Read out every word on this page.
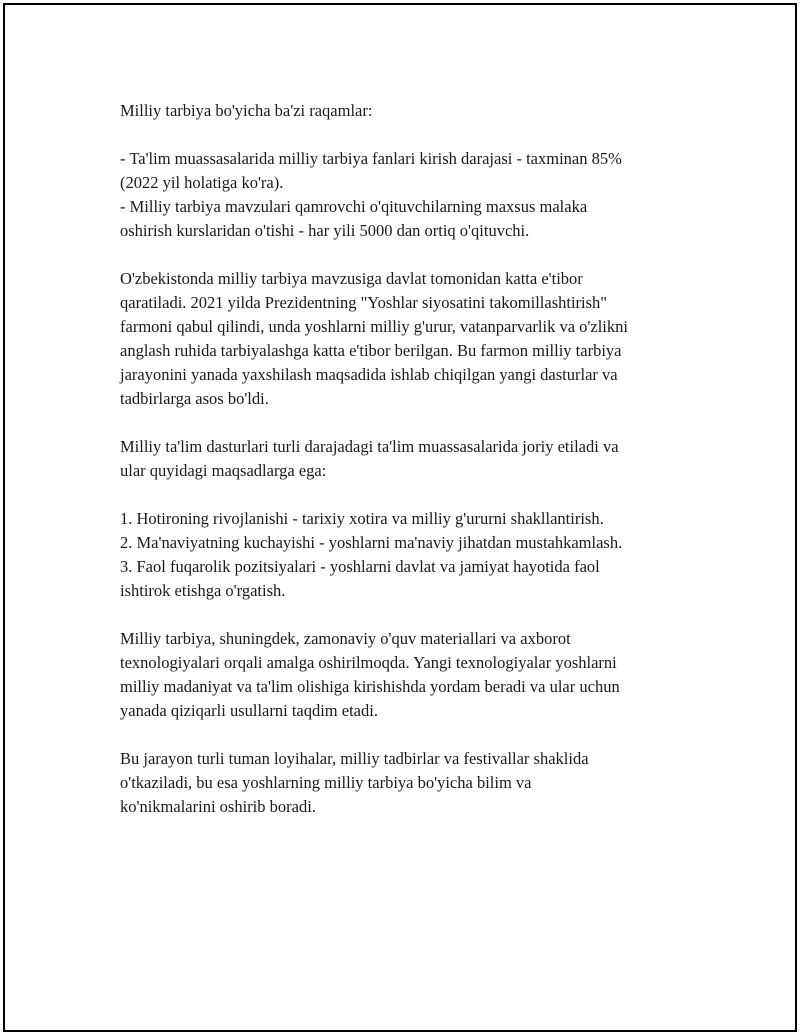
Milliy tarbiya bo'yicha ba'zi raqamlar:

- Ta'lim muassasalarida milliy tarbiya fanlari kirish darajasi - taxminan 85%
(2022 yil holatiga ko'ra).
- Milliy tarbiya mavzulari qamrovchi o'qituvchilarning maxsus malaka
oshirish kurslaridan o'tishi - har yili 5000 dan ortiq o'qituvchi.

O'zbekistonda milliy tarbiya mavzusiga davlat tomonidan katta e'tibor
qaratiladi. 2021 yilda Prezidentning "Yoshlar siyosatini takomillashtirish"
farmoni qabul qilindi, unda yoshlarni milliy g'urur, vatanparvarlik va o'zlikni
anglash ruhida tarbiyalashga katta e'tibor berilgan. Bu farmon milliy tarbiya
jarayonini yanada yaxshilash maqsadida ishlab chiqilgan yangi dasturlar va
tadbirlarga asos bo'ldi.

Milliy ta'lim dasturlari turli darajadagi ta'lim muassasalarida joriy etiladi va
ular quyidagi maqsadlarga ega:

1. Hotironing rivojlanishi - tarixiy xotira va milliy g'ururni shakllantirish.
2. Ma'naviyatning kuchayishi - yoshlarni ma'naviy jihatdan mustahkamlash.
3. Faol fuqarolik pozitsiyalari - yoshlarni davlat va jamiyat hayotida faol
ishtirok etishga o'rgatish.

Milliy tarbiya, shuningdek, zamonaviy o'quv materiallari va axborot
texnologiyalari orqali amalga oshirilmoqda. Yangi texnologiyalar yoshlarni
milliy madaniyat va ta'lim olishiga kirishishda yordam beradi va ular uchun
yanada qiziqarli usullarni taqdim etadi.

Bu jarayon turli tuman loyihalar, milliy tadbirlar va festivallar shaklida
o'tkaziladi, bu esa yoshlarning milliy tarbiya bo'yicha bilim va
ko'nikmalarini oshirib boradi.
